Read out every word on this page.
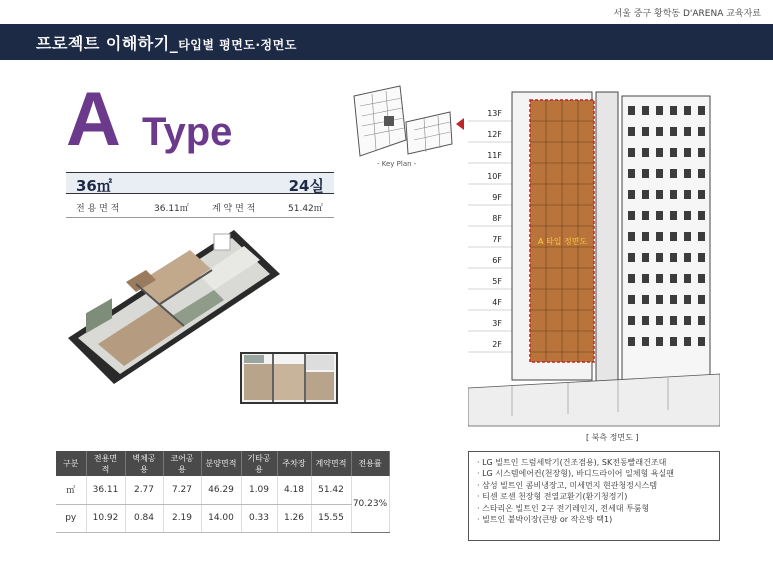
서울 중구 황학동 D'ARENA 교육자료
프로젝트 이해하기_타입별 평면도·정면도
A Type
36㎡	24실
전 용 면 적	36.11㎡	계 약 면 적	51.42㎡
- Key Plan -
A 타입 정면도
13F
12F
11F
10F
9F
8F
7F
6F
5F
4F
3F
2F
[ 북측 정면도 ]
구분	전용면적	벽체공용	코어공용	분양면적	기타공용	주차장	계약면적	전용률
㎡	36.11	2.77	7.27	46.29	1.09	4.18	51.42	70.23%
py	10.92	0.84	2.19	14.00	0.33	1.26	15.55	
· LG 빌트인 드럼세탁기(건조겸용), SK전동빨래건조대
· LG 시스템에어컨(천장형), 바디드라이어 일체형 욕실팬
· 삼성 빌트인 콤비냉장고, 미세먼지 현관청정시스템
· 티센 로센 천장형 전열교환기(환기청정기)
· 스타리온 빌트인 2구 전기레인지, 전세대 투룸형
· 빌트인 붙박이장(큰방 or 작은방 택1)
